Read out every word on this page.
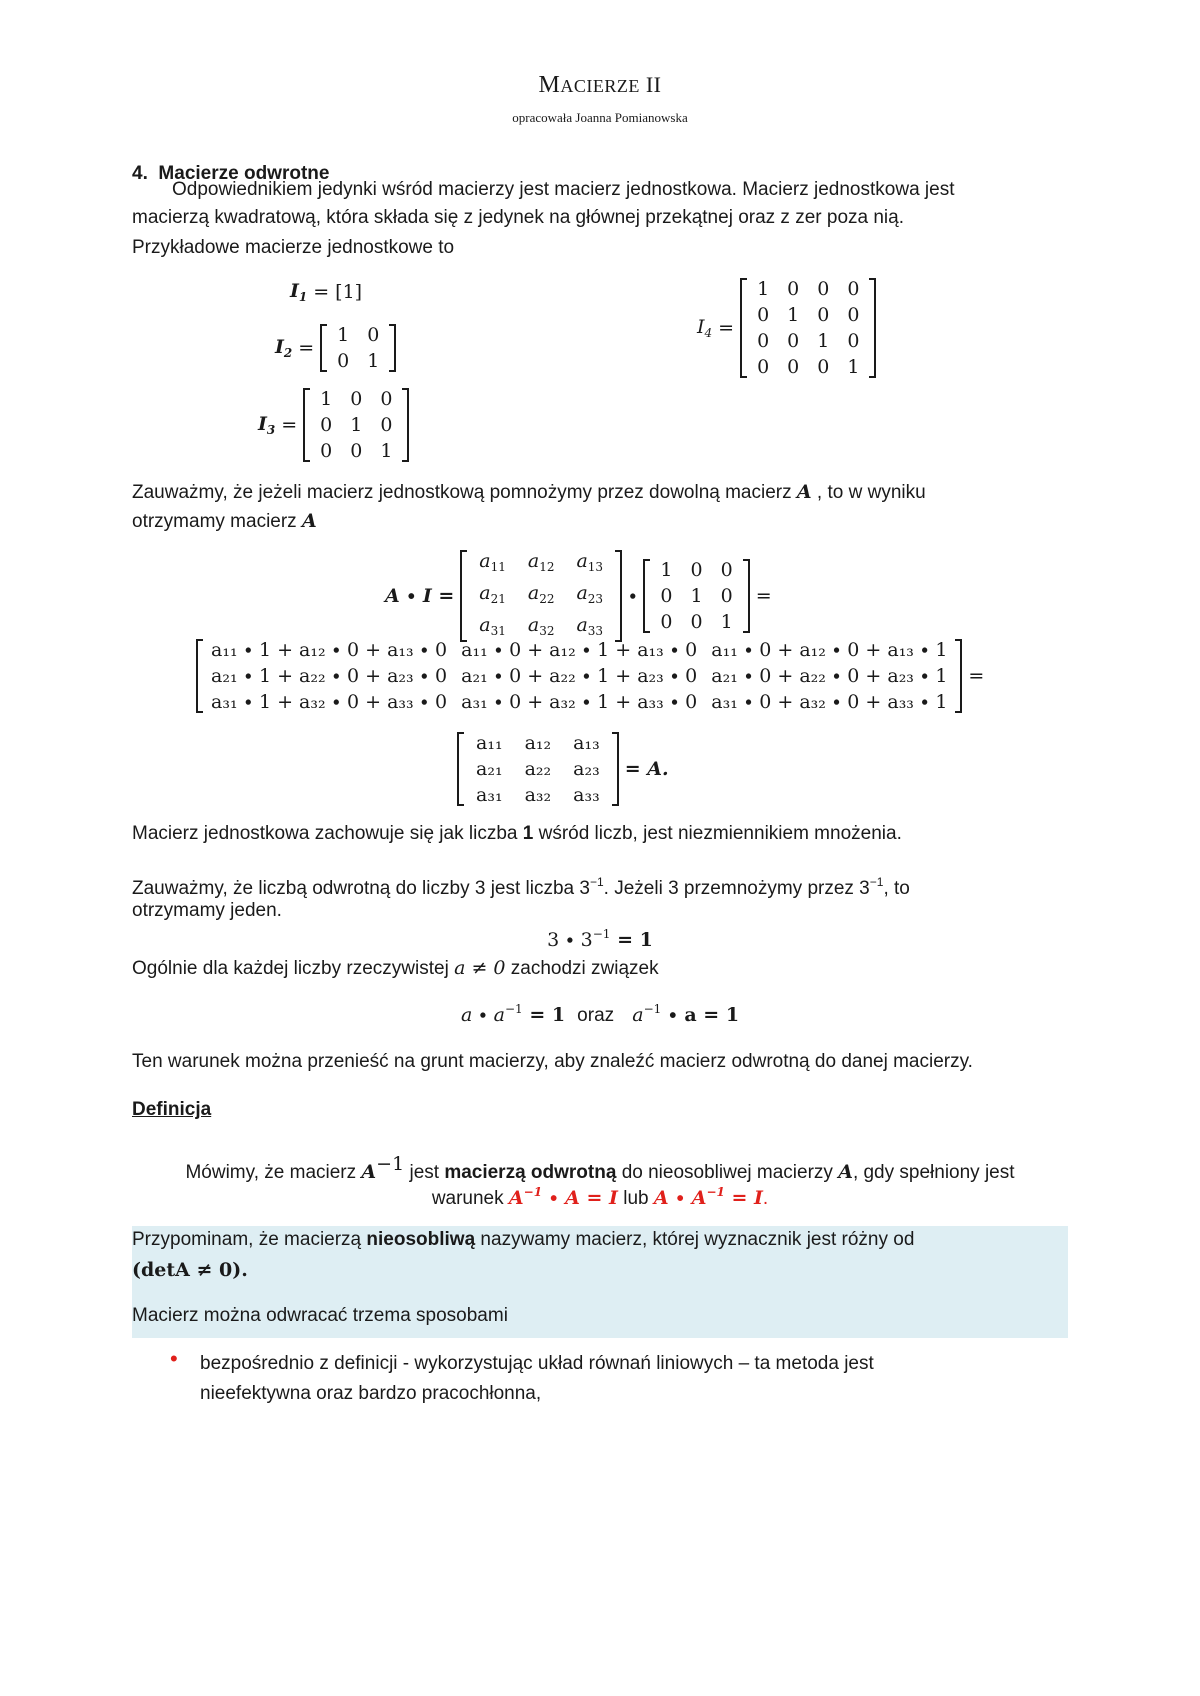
MACIERZE II
opracowała Joanna Pomianowska
4. Macierze odwrotne
Odpowiednikiem jedynki wśród macierzy jest macierz jednostkowa. Macierz jednostkowa jest
macierzą kwadratową, która składa się z jedynek na głównej przekątnej oraz z zer poza nią.
Przykładowe macierze jednostkowe to
$I_1 = [1]$
$I_2$ =
1	0
0	1
$I_3$ =
1	0	0
0	1	0
0	0	1
$I_4$ =
1	0	0	0
0	1	0	0
0	0	1	0
0	0	0	1
Zauważmy, że jeżeli macierz jednostkową pomnożymy przez dowolną macierz A , to w wyniku
otrzymamy macierz A
A ∙ I =
$a_{11}$	$a_{12}$	$a_{13}$
$a_{21}$	$a_{22}$	$a_{23}$
$a_{31}$	$a_{32}$	$a_{33}$
∙
1	0	0
0	1	0
0	0	1
=
a₁₁ ∙ 1 + a₁₂ ∙ 0 + a₁₃ ∙ 0	a₁₁ ∙ 0 + a₁₂ ∙ 1 + a₁₃ ∙ 0	a₁₁ ∙ 0 + a₁₂ ∙ 0 + a₁₃ ∙ 1
a₂₁ ∙ 1 + a₂₂ ∙ 0 + a₂₃ ∙ 0	a₂₁ ∙ 0 + a₂₂ ∙ 1 + a₂₃ ∙ 0	a₂₁ ∙ 0 + a₂₂ ∙ 0 + a₂₃ ∙ 1
a₃₁ ∙ 1 + a₃₂ ∙ 0 + a₃₃ ∙ 0	a₃₁ ∙ 0 + a₃₂ ∙ 1 + a₃₃ ∙ 0	a₃₁ ∙ 0 + a₃₂ ∙ 0 + a₃₃ ∙ 1
=
a₁₁	a₁₂	a₁₃
a₂₁	a₂₂	a₂₃
a₃₁	a₃₂	a₃₃
= A.
Macierz jednostkowa zachowuje się jak liczba 1 wśród liczb, jest niezmiennikiem mnożenia.
Zauważmy, że liczbą odwrotną do liczby 3 jest liczba $3^{-1}$. Jeżeli 3 przemnożymy przez $3^{-1}$, to
otrzymamy jeden.
$3 \cdot 3^{-1} = 1$
Ogólnie dla każdej liczby rzeczywistej a ≠ 0 zachodzi związek
$a \cdot a^{-1} = 1$ oraz $a^{-1} \cdot a = 1$
Ten warunek można przenieść na grunt macierzy, aby znaleźć macierz odwrotną do danej macierzy.
Definicja
Mówimy, że macierz $A^{-1}$ jest macierzą odwrotną do nieosobliwej macierzy A, gdy spełniony jest
warunek $A^{-1} \cdot A = I$ lub $A \cdot A^{-1} = I$.
Przypominam, że macierzą nieosobliwą nazywamy macierz, której wyznacznik jest różny od
(detA ≠ 0).
Macierz można odwracać trzema sposobami
• bezpośrednio z definicji - wykorzystując układ równań liniowych – ta metoda jest
nieefektywna oraz bardzo pracochłonna,
